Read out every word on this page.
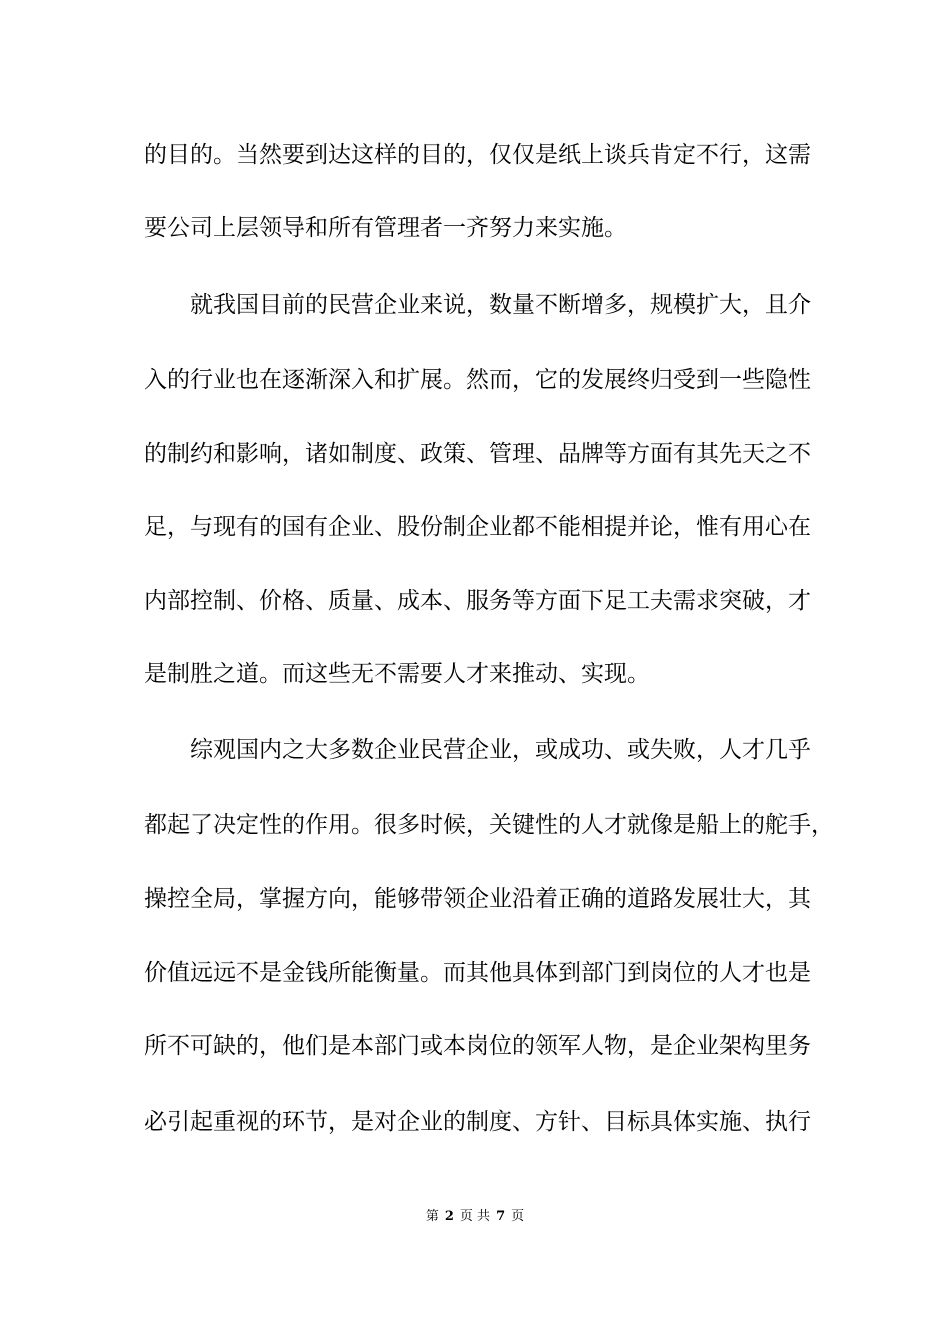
的目的。当然要到达这样的目的，仅仅是纸上谈兵肯定不行，这需
要公司上层领导和所有管理者一齐努力来实施。
就我国目前的民营企业来说，数量不断增多，规模扩大，且介
入的行业也在逐渐深入和扩展。然而，它的发展终归受到一些隐性
的制约和影响，诸如制度、政策、管理、品牌等方面有其先天之不
足，与现有的国有企业、股份制企业都不能相提并论，惟有用心在
内部控制、价格、质量、成本、服务等方面下足工夫需求突破，才
是制胜之道。而这些无不需要人才来推动、实现。
综观国内之大多数企业民营企业，或成功、或失败，人才几乎
都起了决定性的作用。很多时候，关键性的人才就像是船上的舵手，
操控全局，掌握方向，能够带领企业沿着正确的道路发展壮大，其
价值远远不是金钱所能衡量。而其他具体到部门到岗位的人才也是
所不可缺的，他们是本部门或本岗位的领军人物，是企业架构里务
必引起重视的环节，是对企业的制度、方针、目标具体实施、执行
第 2 页 共 7 页
